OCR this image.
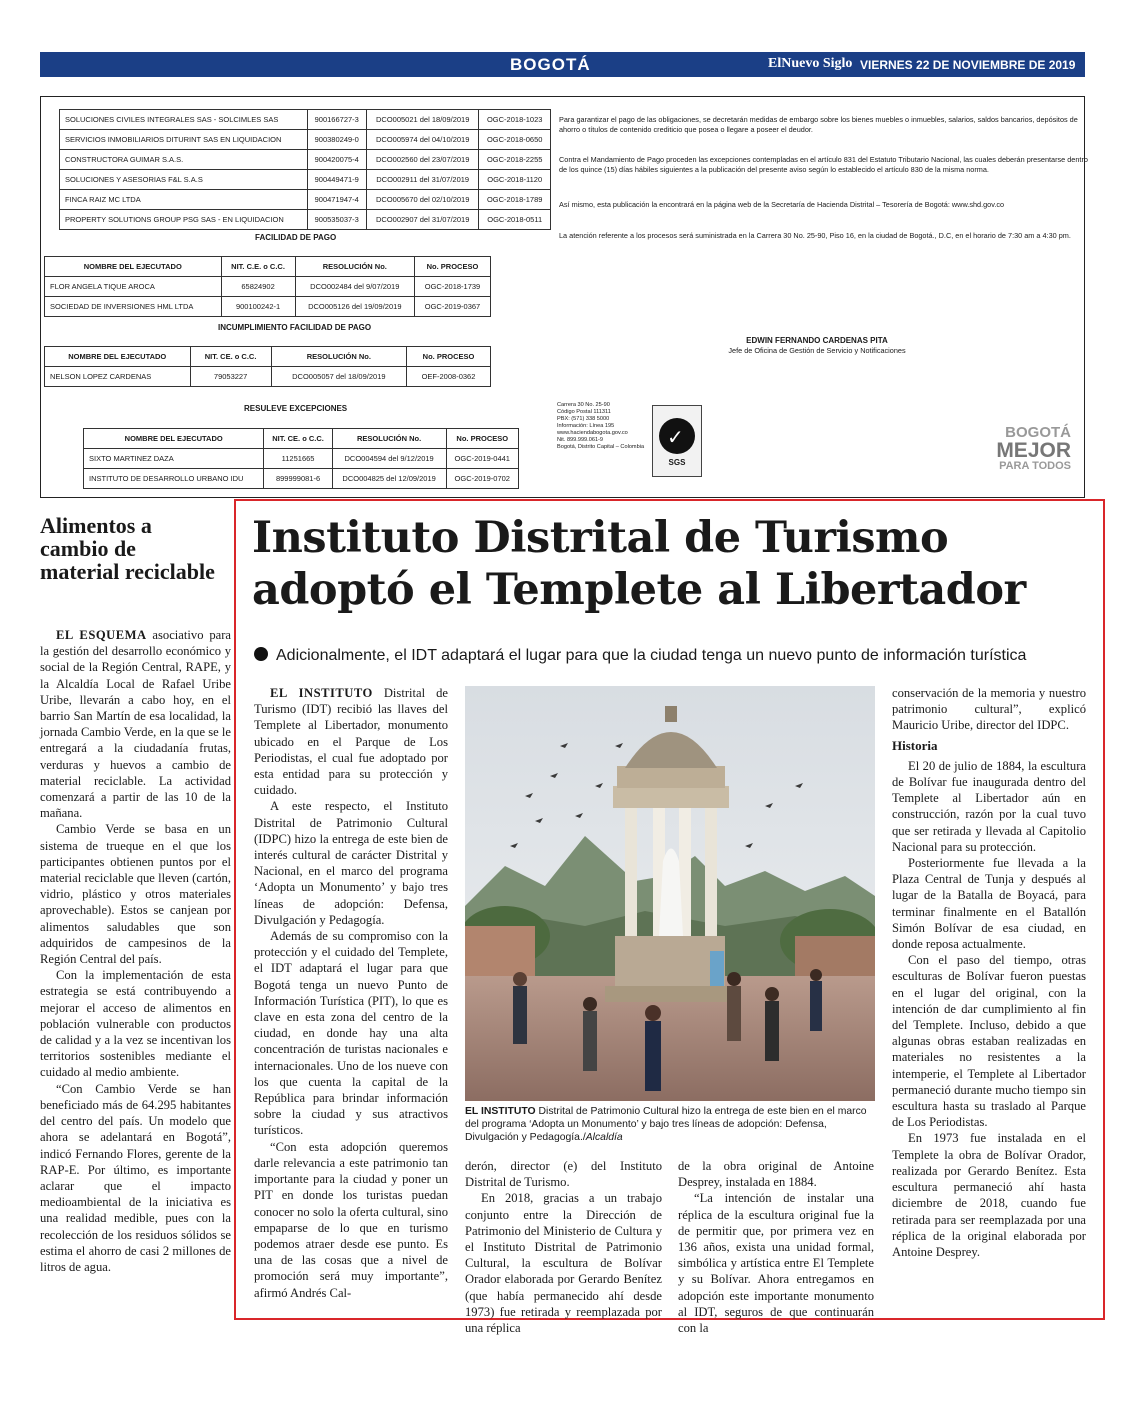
BOGOTÁ	ElNuevo Siglo VIERNES 22 DE NOVIEMBRE DE 2019 11B
SOLUCIONES CIVILES INTEGRALES SAS - SOLCIMLES SAS	900166727-3	DCO005021 del 18/09/2019	OGC-2018-1023
SERVICIOS INMOBILIARIOS DITURINT SAS EN LIQUIDACION	900380249-0	DCO005974 del 04/10/2019	OGC-2018-0650
CONSTRUCTORA GUIMAR S.A.S.	900420075-4	DCO002560 del 23/07/2019	OGC-2018-2255
SOLUCIONES Y ASESORIAS F&L S.A.S	900449471-9	DCO002911 del 31/07/2019	OGC-2018-1120
FINCA RAIZ MC LTDA	900471947-4	DCO005670 del 02/10/2019	OGC-2018-1789
PROPERTY SOLUTIONS GROUP PSG SAS - EN LIQUIDACION	900535037-3	DCO002907 del 31/07/2019	OGC-2018-0511
FACILIDAD DE PAGO
NOMBRE DEL EJECUTADO	NIT. C.E. o C.C.	RESOLUCIÓN No.	No. PROCESO
FLOR ANGELA TIQUE AROCA	65824902	DCO002484 del 9/07/2019	OGC-2018-1739
SOCIEDAD DE INVERSIONES HML LTDA	900100242-1	DCO005126 del 19/09/2019	OGC-2019-0367
INCUMPLIMIENTO FACILIDAD DE PAGO
NOMBRE DEL EJECUTADO	NIT. CE. o C.C.	RESOLUCIÓN No.	No. PROCESO
NELSON LOPEZ CARDENAS	79053227	DCO005057 del 18/09/2019	OEF-2008-0362
RESULEVE EXCEPCIONES
NOMBRE DEL EJECUTADO	NIT. CE. o C.C.	RESOLUCIÓN No.	No. PROCESO
SIXTO MARTINEZ DAZA	11251665	DCO004594 del 9/12/2019	OGC-2019-0441
INSTITUTO DE DESARROLLO URBANO IDU	899999081-6	DCO004825 del 12/09/2019	OGC-2019-0702

Para garantizar el pago de las obligaciones, se decretarán medidas de embargo sobre los bienes muebles o inmuebles, salarios, saldos bancarios, depósitos de ahorro o títulos de contenido crediticio que posea o llegare a poseer el deudor.

Contra el Mandamiento de Pago proceden las excepciones contempladas en el artículo 831 del Estatuto Tributario Nacional, las cuales deberán presentarse dentro de los quince (15) días hábiles siguientes a la publicación del presente aviso según lo establecido el artículo 830 de la misma norma.

Así mismo, esta publicación la encontrará en la página web de la Secretaría de Hacienda Distrital – Tesorería de Bogotá: www.shd.gov.co

La atención referente a los procesos será suministrada en la Carrera 30 No. 25-90, Piso 16, en la ciudad de Bogotá., D.C, en el horario de 7:30 am a 4:30 pm.

EDWIN FERNANDO CARDENAS PITA
Jefe de Oficina de Gestión de Servicio y Notificaciones
Carrera 30 No. 25-90
Código Postal 111311
PBX: (571) 338 5000
Información: Línea 195
www.haciendabogota.gov.co
Nit. 899.999.061-9
Bogotá, Distrito Capital – Colombia ✓
SGS
BOGOTÁ
MEJOR
PARA TODOS
Alimentos a cambio de material reciclable

EL ESQUEMA asociativo para la gestión del desarrollo económico y social de la Región Central, RAPE, y la Alcaldía Local de Rafael Uribe Uribe, llevarán a cabo hoy, en el barrio San Martín de esa localidad, la jornada Cambio Verde, en la que se le entregará a la ciudadanía frutas, verduras y huevos a cambio de material reciclable. La actividad comenzará a partir de las 10 de la mañana.

Cambio Verde se basa en un sistema de trueque en el que los participantes obtienen puntos por el material reciclable que lleven (cartón, vidrio, plástico y otros materiales aprovechable). Estos se canjean por alimentos saludables que son adquiridos de campesinos de la Región Central del país.

Con la implementación de esta estrategia se está contribuyendo a mejorar el acceso de alimentos en población vulnerable con productos de calidad y a la vez se incentivan los territorios sostenibles mediante el cuidado al medio ambiente.

“Con Cambio Verde se han beneficiado más de 64.295 habitantes del centro del país. Un modelo que ahora se adelantará en Bogotá”, indicó Fernando Flores, gerente de la RAP-E. Por último, es importante aclarar que el impacto medioambiental de la iniciativa es una realidad medible, pues con la recolección de los residuos sólidos se estima el ahorro de casi 2 millones de litros de agua.

Instituto Distrital de Turismo adoptó el Templete al Libertador
Adicionalmente, el IDT adaptará el lugar para que la ciudad tenga un nuevo punto de información turística

EL INSTITUTO Distrital de Turismo (IDT) recibió las llaves del Templete al Libertador, monumento ubicado en el Parque de Los Periodistas, el cual fue adoptado por esta entidad para su protección y cuidado.

A este respecto, el Instituto Distrital de Patrimonio Cultural (IDPC) hizo la entrega de este bien de interés cultural de carácter Distrital y Nacional, en el marco del programa ‘Adopta un Monumento’ y bajo tres líneas de adopción: Defensa, Divulgación y Pedagogía.

Además de su compromiso con la protección y el cuidado del Templete, el IDT adaptará el lugar para que Bogotá tenga un nuevo Punto de Información Turística (PIT), lo que es clave en esta zona del centro de la ciudad, en donde hay una alta concentración de turistas nacionales e internacionales. Uno de los nueve con los que cuenta la capital de la República para brindar información sobre la ciudad y sus atractivos turísticos.

“Con esta adopción queremos darle relevancia a este patrimonio tan importante para la ciudad y poner un PIT en donde los turistas puedan conocer no solo la oferta cultural, sino empaparse de lo que en turismo podemos atraer desde ese punto. Es una de las cosas que a nivel de promoción será muy importante”, afirmó Andrés Cal-

EL INSTITUTO Distrital de Patrimonio Cultural hizo la entrega de este bien en el marco del programa ‘Adopta un Monumento’ y bajo tres líneas de adopción: Defensa, Divulgación y Pedagogía./Alcaldía

derón, director (e) del Instituto Distrital de Turismo.

En 2018, gracias a un trabajo conjunto entre la Dirección de Patrimonio del Ministerio de Cultura y el Instituto Distrital de Patrimonio Cultural, la escultura de Bolívar Orador elaborada por Gerardo Benítez (que había permanecido ahí desde 1973) fue retirada y reemplazada por una réplica

de la obra original de Antoine Desprey, instalada en 1884.

“La intención de instalar una réplica de la escultura original fue la de permitir que, por primera vez en 136 años, exista una unidad formal, simbólica y artística entre El Templete y su Bolívar. Ahora entregamos en adopción este importante monumento al IDT, seguros de que continuarán con la

conservación de la memoria y nuestro patrimonio cultural”, explicó Mauricio Uribe, director del IDPC.

Historia

El 20 de julio de 1884, la escultura de Bolívar fue inaugurada dentro del Templete al Libertador aún en construcción, razón por la cual tuvo que ser retirada y llevada al Capitolio Nacional para su protección.

Posteriormente fue llevada a la Plaza Central de Tunja y después al lugar de la Batalla de Boyacá, para terminar finalmente en el Batallón Simón Bolívar de esa ciudad, en donde reposa actualmente.

Con el paso del tiempo, otras esculturas de Bolívar fueron puestas en el lugar del original, con la intención de dar cumplimiento al fin del Templete. Incluso, debido a que algunas obras estaban realizadas en materiales no resistentes a la intemperie, el Templete al Libertador permaneció durante mucho tiempo sin escultura hasta su traslado al Parque de Los Periodistas.

En 1973 fue instalada en el Templete la obra de Bolívar Orador, realizada por Gerardo Benítez. Esta escultura permaneció ahí hasta diciembre de 2018, cuando fue retirada para ser reemplazada por una réplica de la original elaborada por Antoine Desprey.
